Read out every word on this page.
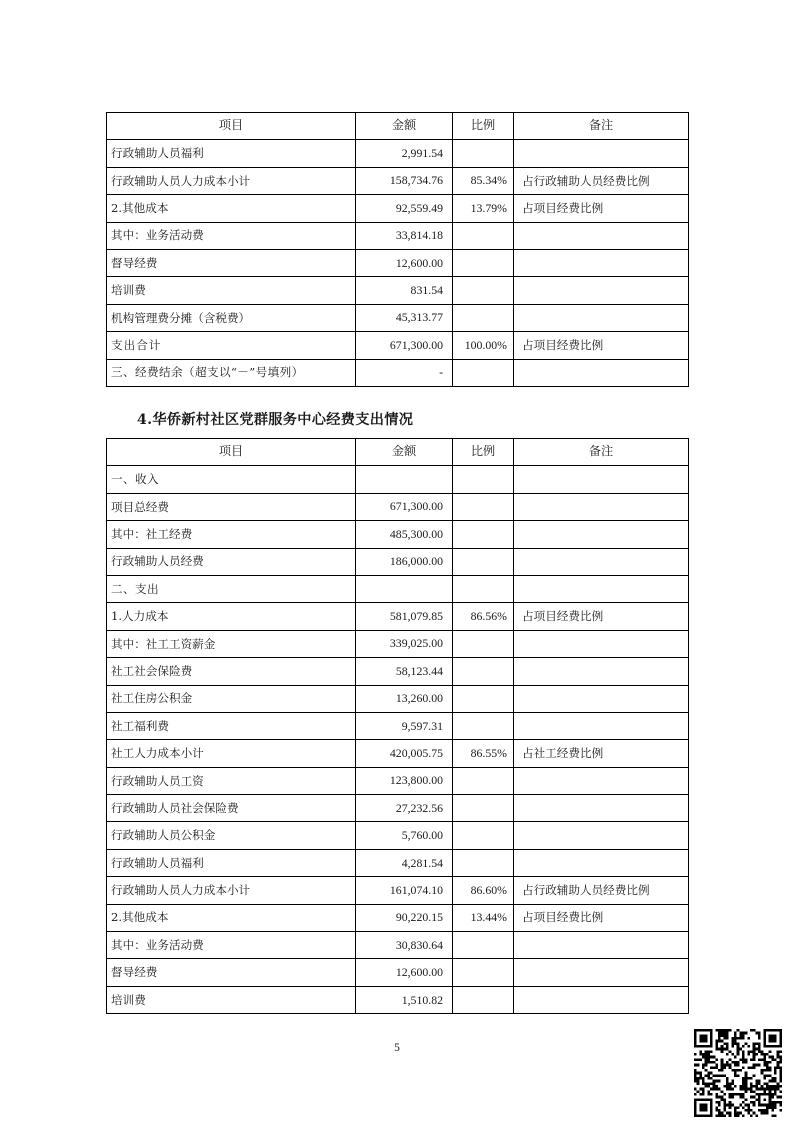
项目	金额	比例	备注
行政辅助人员福利	2,991.54		
行政辅助人员人力成本小计	158,734.76	85.34%	占行政辅助人员经费比例
2.其他成本	92,559.49	13.79%	占项目经费比例
其中：业务活动费	33,814.18		
督导经费	12,600.00		
培训费	831.54		
机构管理费分摊（含税费）	45,313.77		
支出合计	671,300.00	100.00%	占项目经费比例
三、经费结余（超支以“－”号填列）	-		
4.华侨新村社区党群服务中心经费支出情况
项目	金额	比例	备注
一、收入			
项目总经费	671,300.00		
其中：社工经费	485,300.00		
行政辅助人员经费	186,000.00		
二、支出			
1.人力成本	581,079.85	86.56%	占项目经费比例
其中：社工工资薪金	339,025.00		
社工社会保险费	58,123.44		
社工住房公积金	13,260.00		
社工福利费	9,597.31		
社工人力成本小计	420,005.75	86.55%	占社工经费比例
行政辅助人员工资	123,800.00		
行政辅助人员社会保险费	27,232.56		
行政辅助人员公积金	5,760.00		
行政辅助人员福利	4,281.54		
行政辅助人员人力成本小计	161,074.10	86.60%	占行政辅助人员经费比例
2.其他成本	90,220.15	13.44%	占项目经费比例
其中：业务活动费	30,830.64		
督导经费	12,600.00		
培训费	1,510.82		
5
